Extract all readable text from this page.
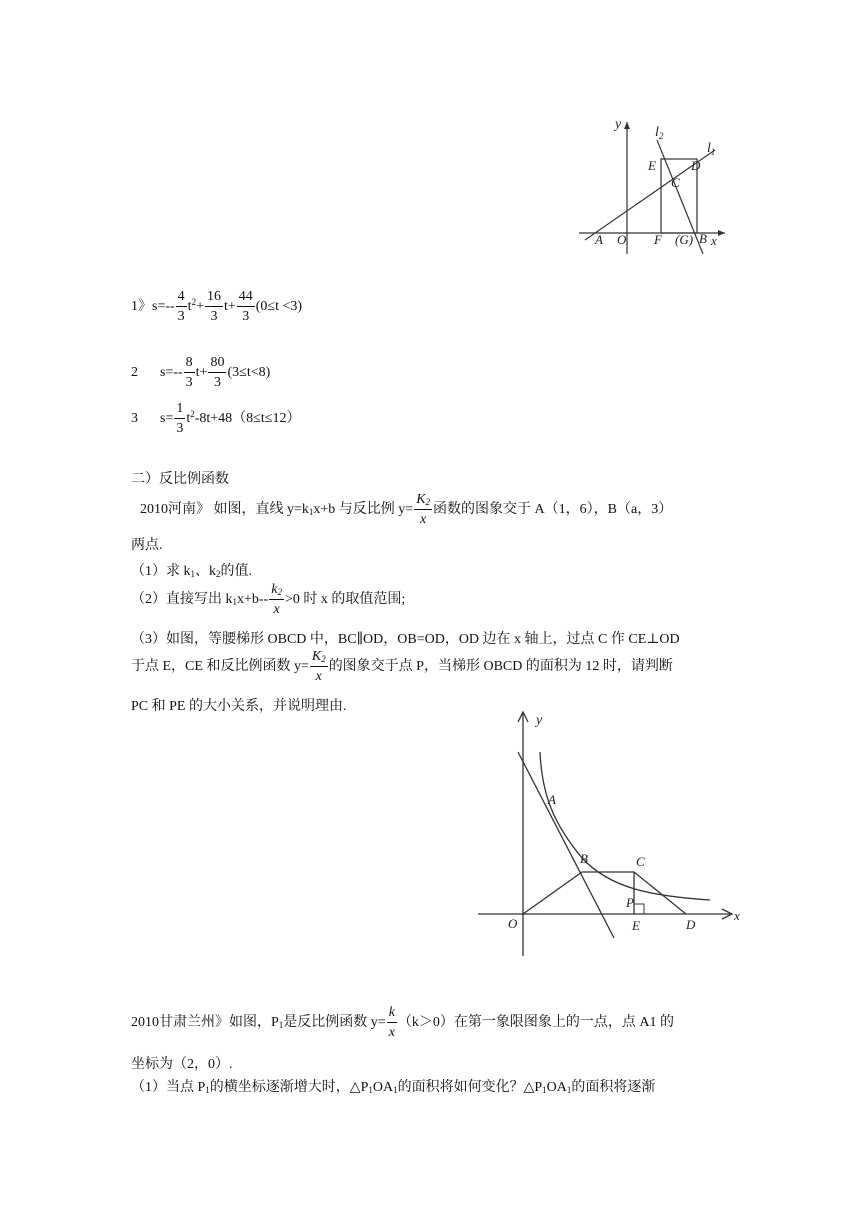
y
$l_2$
$l_1$
E	D
C
A O F (G) B x
1》$s=-- \frac{4}{3} t^2+ \frac{16}{3} t+ \frac{44}{3} (0\le t <3)$
2 $s=-- \frac{8}{3} t+ \frac{80}{3} (3\le t<8)$
3 $s= \frac{1}{3} t^2-8t+48(8\le t\le 12)$
二）反比例函数
2010河南》 如图，直线 $y=k_1x+b$ 与反比例 $y= \frac{K_2}{x}$ 函数的图象交于 A（1，6），B（a，3）
两点.
（1）求 $k_1$、$k_2$的值.
（2）直接写出 $k_1x+b-- \frac{k_2}{x} >0$ 时 x 的取值范围;
（3）如图，等腰梯形 OBCD 中，BC∥OD，OB=OD，OD 边在 x 轴上，过点 C 作 CE⊥OD
于点 E，CE 和反比例函数 $y= \frac{K_2}{x}$ 的图象交于点 P，当梯形 OBCD 的面积为 12 时，请判断
PC 和 PE 的大小关系，并说明理由.
y
A
B	C
P
O	E	D
x
2010甘肃兰州》如图，$P_1$是反比例函数 $y= \frac{k}{x} (k>0)$在第一象限图象上的一点，点 A1 的
坐标为（2，0）.
（1）当点 $P_1$的横坐标逐渐增大时，$\triangle P_1OA_1$的面积将如何变化？$\triangle P_1OA_1$的面积将逐渐
